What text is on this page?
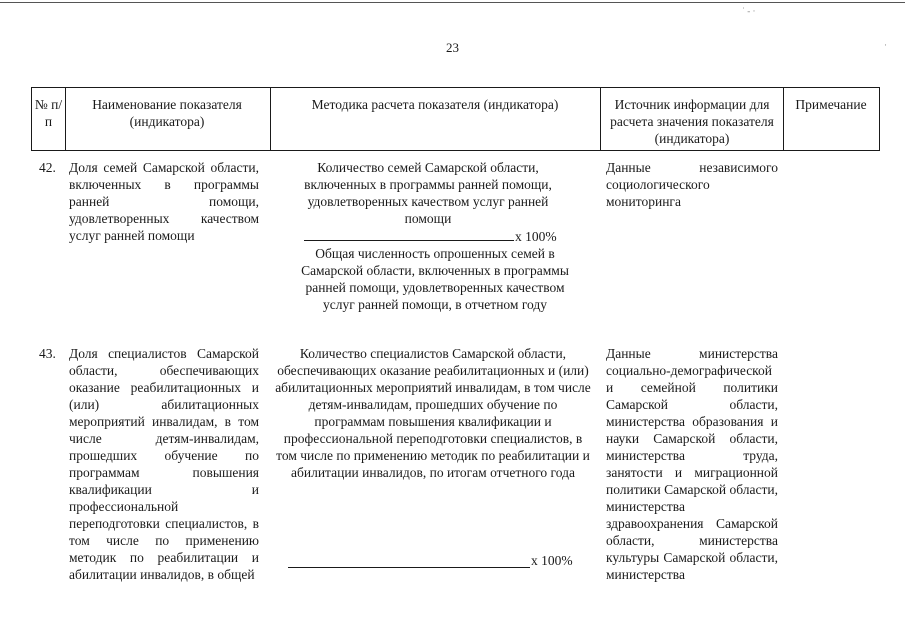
˙ ‐ ·
·
23
№ п/п
Наименование показателя (индикатора)
Методика расчета показателя (индикатора)	Источник информации для расчета значения показателя (индикатора)
Примечание
42. Доля семей Самарской области, включенных в программы ранней помощи, удовлетворенных качеством услуг ранней помощи
Количество семей Самарской области, включенных в программы ранней помощи, удовлетворенных качеством услуг ранней помощи
х 100%
Общая численность опрошенных семей в Самарской области, включенных в программы ранней помощи, удовлетворенных качеством услуг ранней помощи, в отчетном году
Данные независимого социологического мониторинга
43. Доля специалистов Самарской области, обеспечивающих оказание реабилитационных и (или) абилитационных мероприятий инвалидам, в том числе детям-инвалидам, прошедших обучение по программам повышения квалификации и профессиональной переподготовки специалистов, в том числе по применению методик по реабилитации и абилитации инвалидов, в общей
Количество специалистов Самарской области, обеспечивающих оказание реабилитационных и (или) абилитационных мероприятий инвалидам, в том числе детям-инвалидам, прошедших обучение по программам повышения квалификации и профессиональной переподготовки специалистов, в том числе по применению методик по реабилитации и абилитации инвалидов, по итогам отчетного года
х 100%
Данные министерства социально-демографической и семейной политики Самарской области, министерства образования и науки Самарской области, министерства труда, занятости и миграционной политики Самарской области, министерства здравоохранения Самарской области, министерства культуры Самарской области, министерства
